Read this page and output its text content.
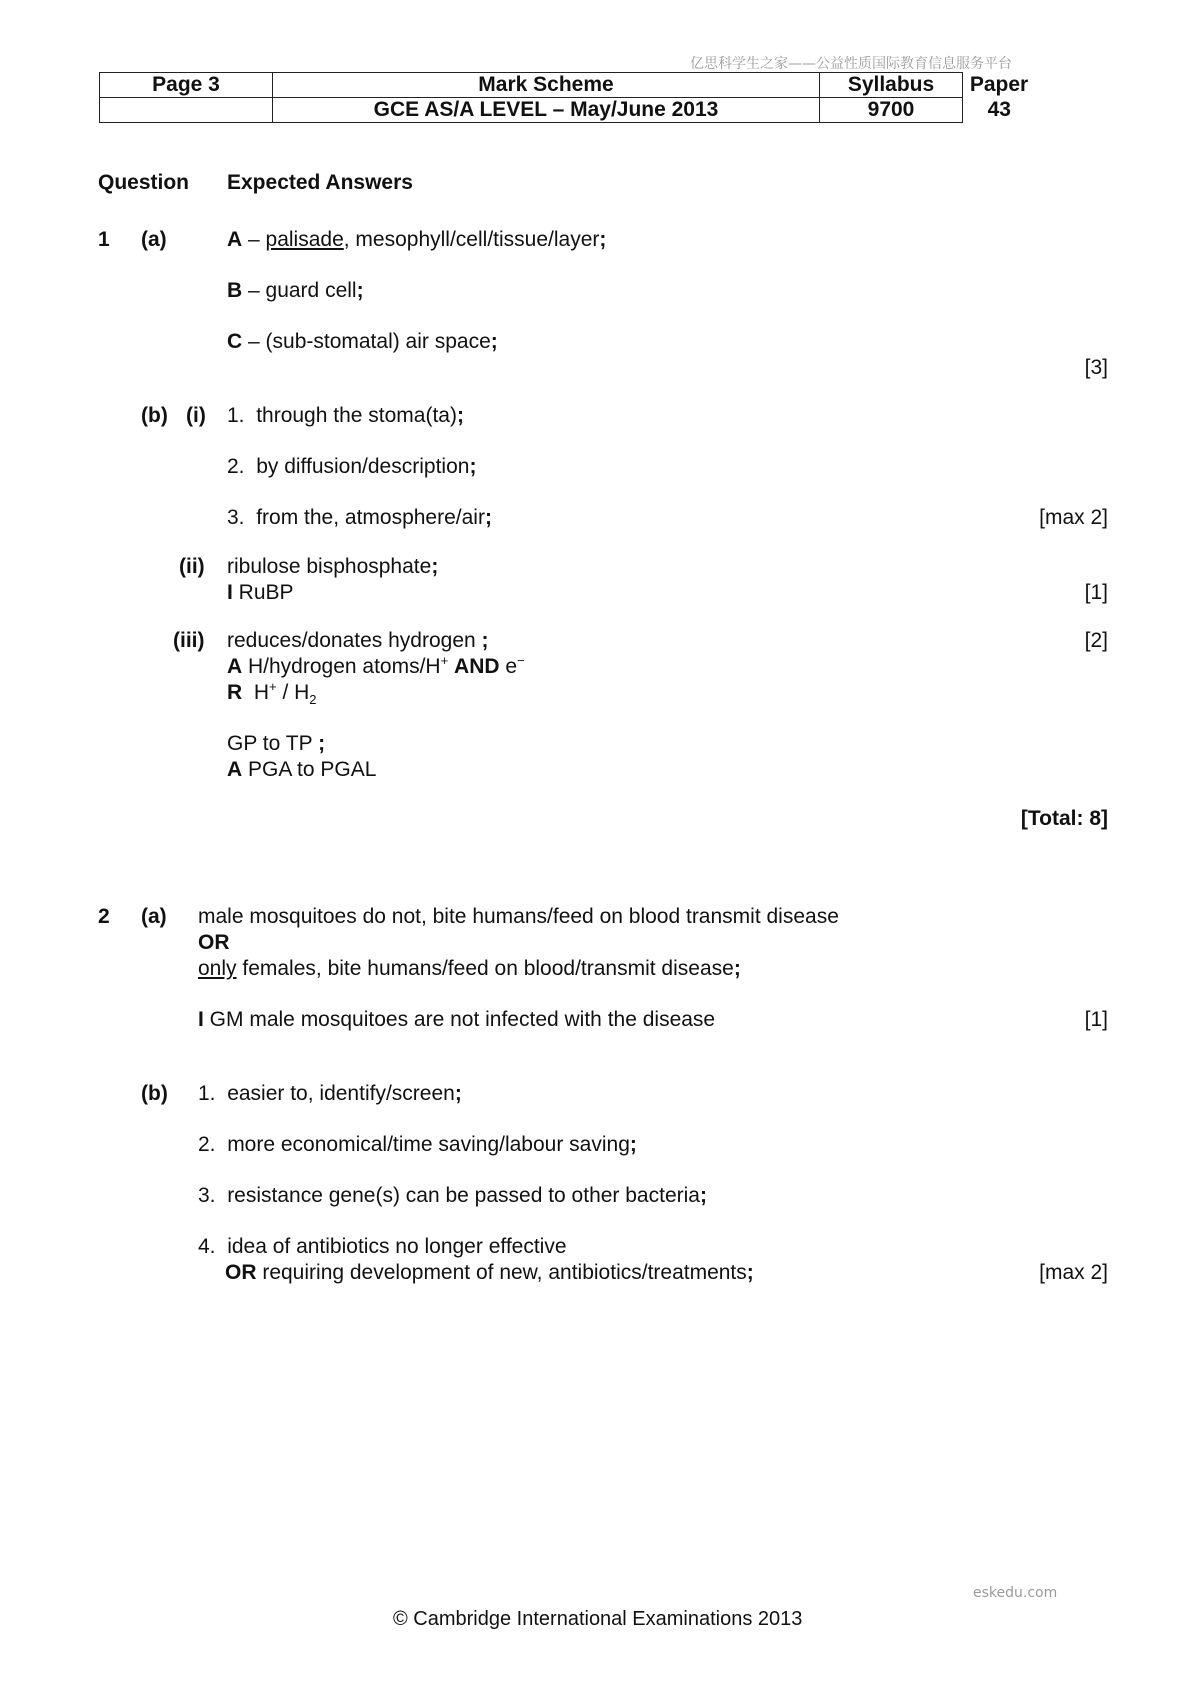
亿思科学生之家——公益性质国际教育信息服务平台
Page 3	Mark Scheme	Syllabus	Paper
	GCE AS/A LEVEL – May/June 2013	9700	43
Question Expected Answers
1 (a)	A – palisade, mesophyll/cell/tissue/layer;
B – guard cell;
C – (sub-stomatal) air space;
[3]
(b) (i) 1. through the stoma(ta);
2. by diffusion/description;
3. from the, atmosphere/air;	[max 2]
(ii) ribulose bisphosphate;
I RuBP	[1]
(iii) reduces/donates hydrogen ;	[2]
A H/hydrogen atoms/H+ AND e−
R $H^+ / H_2$
GP to TP ;
A PGA to PGAL
[Total: 8]
2 (a) male mosquitoes do not, bite humans/feed on blood transmit disease
OR
only females, bite humans/feed on blood/transmit disease;
I GM male mosquitoes are not infected with the disease	[1]
(b) 1. easier to, identify/screen;
2. more economical/time saving/labour saving;
3. resistance gene(s) can be passed to other bacteria;
4. idea of antibiotics no longer effective
OR requiring development of new, antibiotics/treatments;	[max 2]
eskedu.com
© Cambridge International Examinations 2013
